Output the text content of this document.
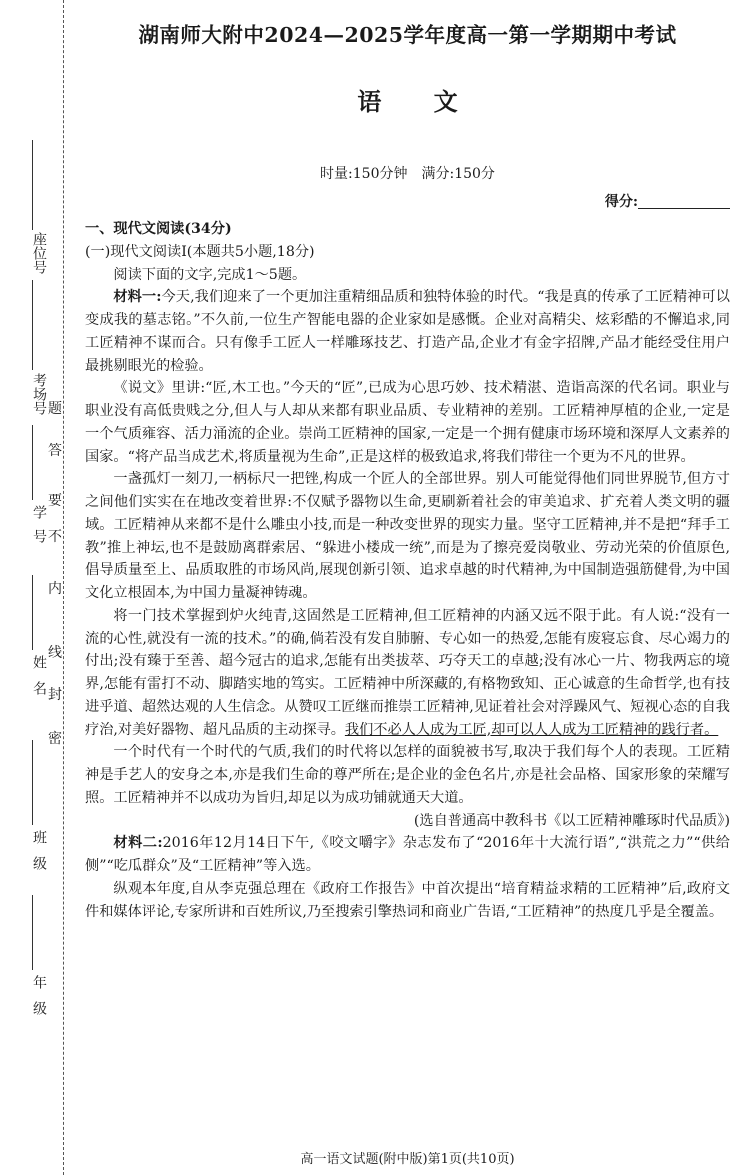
座位号
考场号
学号
姓名
班级
年级
密
封
线
内
不
要
答
题
湖南师大附中2024—2025学年度高一第一学期期中考试
语 文
时量:150分钟　满分:150分
得分:

一、现代文阅读(34分)

(一)现代文阅读Ⅰ(本题共5小题,18分)

阅读下面的文字,完成1～5题。

材料一:今天,我们迎来了一个更加注重精细品质和独特体验的时代。“我是真的传承了工匠精神可以变成我的墓志铭。”不久前,一位生产智能电器的企业家如是感慨。企业对高精尖、炫彩酷的不懈追求,同工匠精神不谋而合。只有像手工匠人一样雕琢技艺、打造产品,企业才有金字招牌,产品才能经受住用户最挑剔眼光的检验。

《说文》里讲:“匠,木工也。”今天的“匠”,已成为心思巧妙、技术精湛、造诣高深的代名词。职业与职业没有高低贵贱之分,但人与人却从来都有职业品质、专业精神的差别。工匠精神厚植的企业,一定是一个气质雍容、活力涌流的企业。崇尚工匠精神的国家,一定是一个拥有健康市场环境和深厚人文素养的国家。“将产品当成艺术,将质量视为生命”,正是这样的极致追求,将我们带往一个更为不凡的世界。

一盏孤灯一刻刀,一柄标尺一把锉,构成一个匠人的全部世界。别人可能觉得他们同世界脱节,但方寸之间他们实实在在地改变着世界:不仅赋予器物以生命,更刷新着社会的审美追求、扩充着人类文明的疆域。工匠精神从来都不是什么雕虫小技,而是一种改变世界的现实力量。坚守工匠精神,并不是把“拜手工教”推上神坛,也不是鼓励离群索居、“躲进小楼成一统”,而是为了擦亮爱岗敬业、劳动光荣的价值原色,倡导质量至上、品质取胜的市场风尚,展现创新引领、追求卓越的时代精神,为中国制造强筋健骨,为中国文化立根固本,为中国力量凝神铸魂。

将一门技术掌握到炉火纯青,这固然是工匠精神,但工匠精神的内涵又远不限于此。有人说:“没有一流的心性,就没有一流的技术。”的确,倘若没有发自肺腑、专心如一的热爱,怎能有废寝忘食、尽心竭力的付出;没有臻于至善、超今冠古的追求,怎能有出类拔萃、巧夺天工的卓越;没有冰心一片、物我两忘的境界,怎能有雷打不动、脚踏实地的笃实。工匠精神中所深藏的,有格物致知、正心诚意的生命哲学,也有技进乎道、超然达观的人生信念。从赞叹工匠继而推崇工匠精神,见证着社会对浮躁风气、短视心态的自我疗治,对美好器物、超凡品质的主动探寻。我们不必人人成为工匠,却可以人人成为工匠精神的践行者。

一个时代有一个时代的气质,我们的时代将以怎样的面貌被书写,取决于我们每个人的表现。工匠精神是手艺人的安身之本,亦是我们生命的尊严所在;是企业的金色名片,亦是社会品格、国家形象的荣耀写照。工匠精神并不以成功为旨归,却足以为成功铺就通天大道。

(选自普通高中教科书《以工匠精神雕琢时代品质》)

材料二:2016年12月14日下午,《咬文嚼字》杂志发布了“2016年十大流行语”,“洪荒之力”“供给侧”“吃瓜群众”及“工匠精神”等入选。

纵观本年度,自从李克强总理在《政府工作报告》中首次提出“培育精益求精的工匠精神”后,政府文件和媒体评论,专家所讲和百姓所议,乃至搜索引擎热词和商业广告语,“工匠精神”的热度几乎是全覆盖。

高一语文试题(附中版)第1页(共10页)
